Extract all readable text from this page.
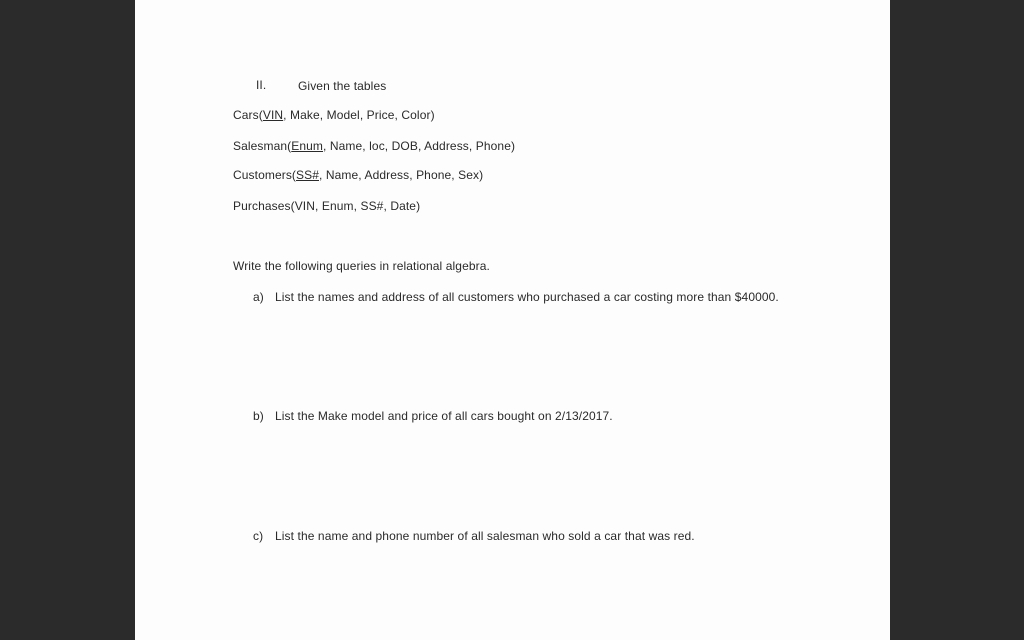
II.	Given the tables
Cars(VIN, Make, Model, Price, Color)
Salesman(Enum, Name, loc, DOB, Address, Phone)
Customers(SS#, Name, Address, Phone, Sex)
Purchases(VIN, Enum, SS#, Date)
Write the following queries in relational algebra.
a) List the names and address of all customers who purchased a car costing more than $40000.
b) List the Make model and price of all cars bought on 2/13/2017.
c) List the name and phone number of all salesman who sold a car that was red.
